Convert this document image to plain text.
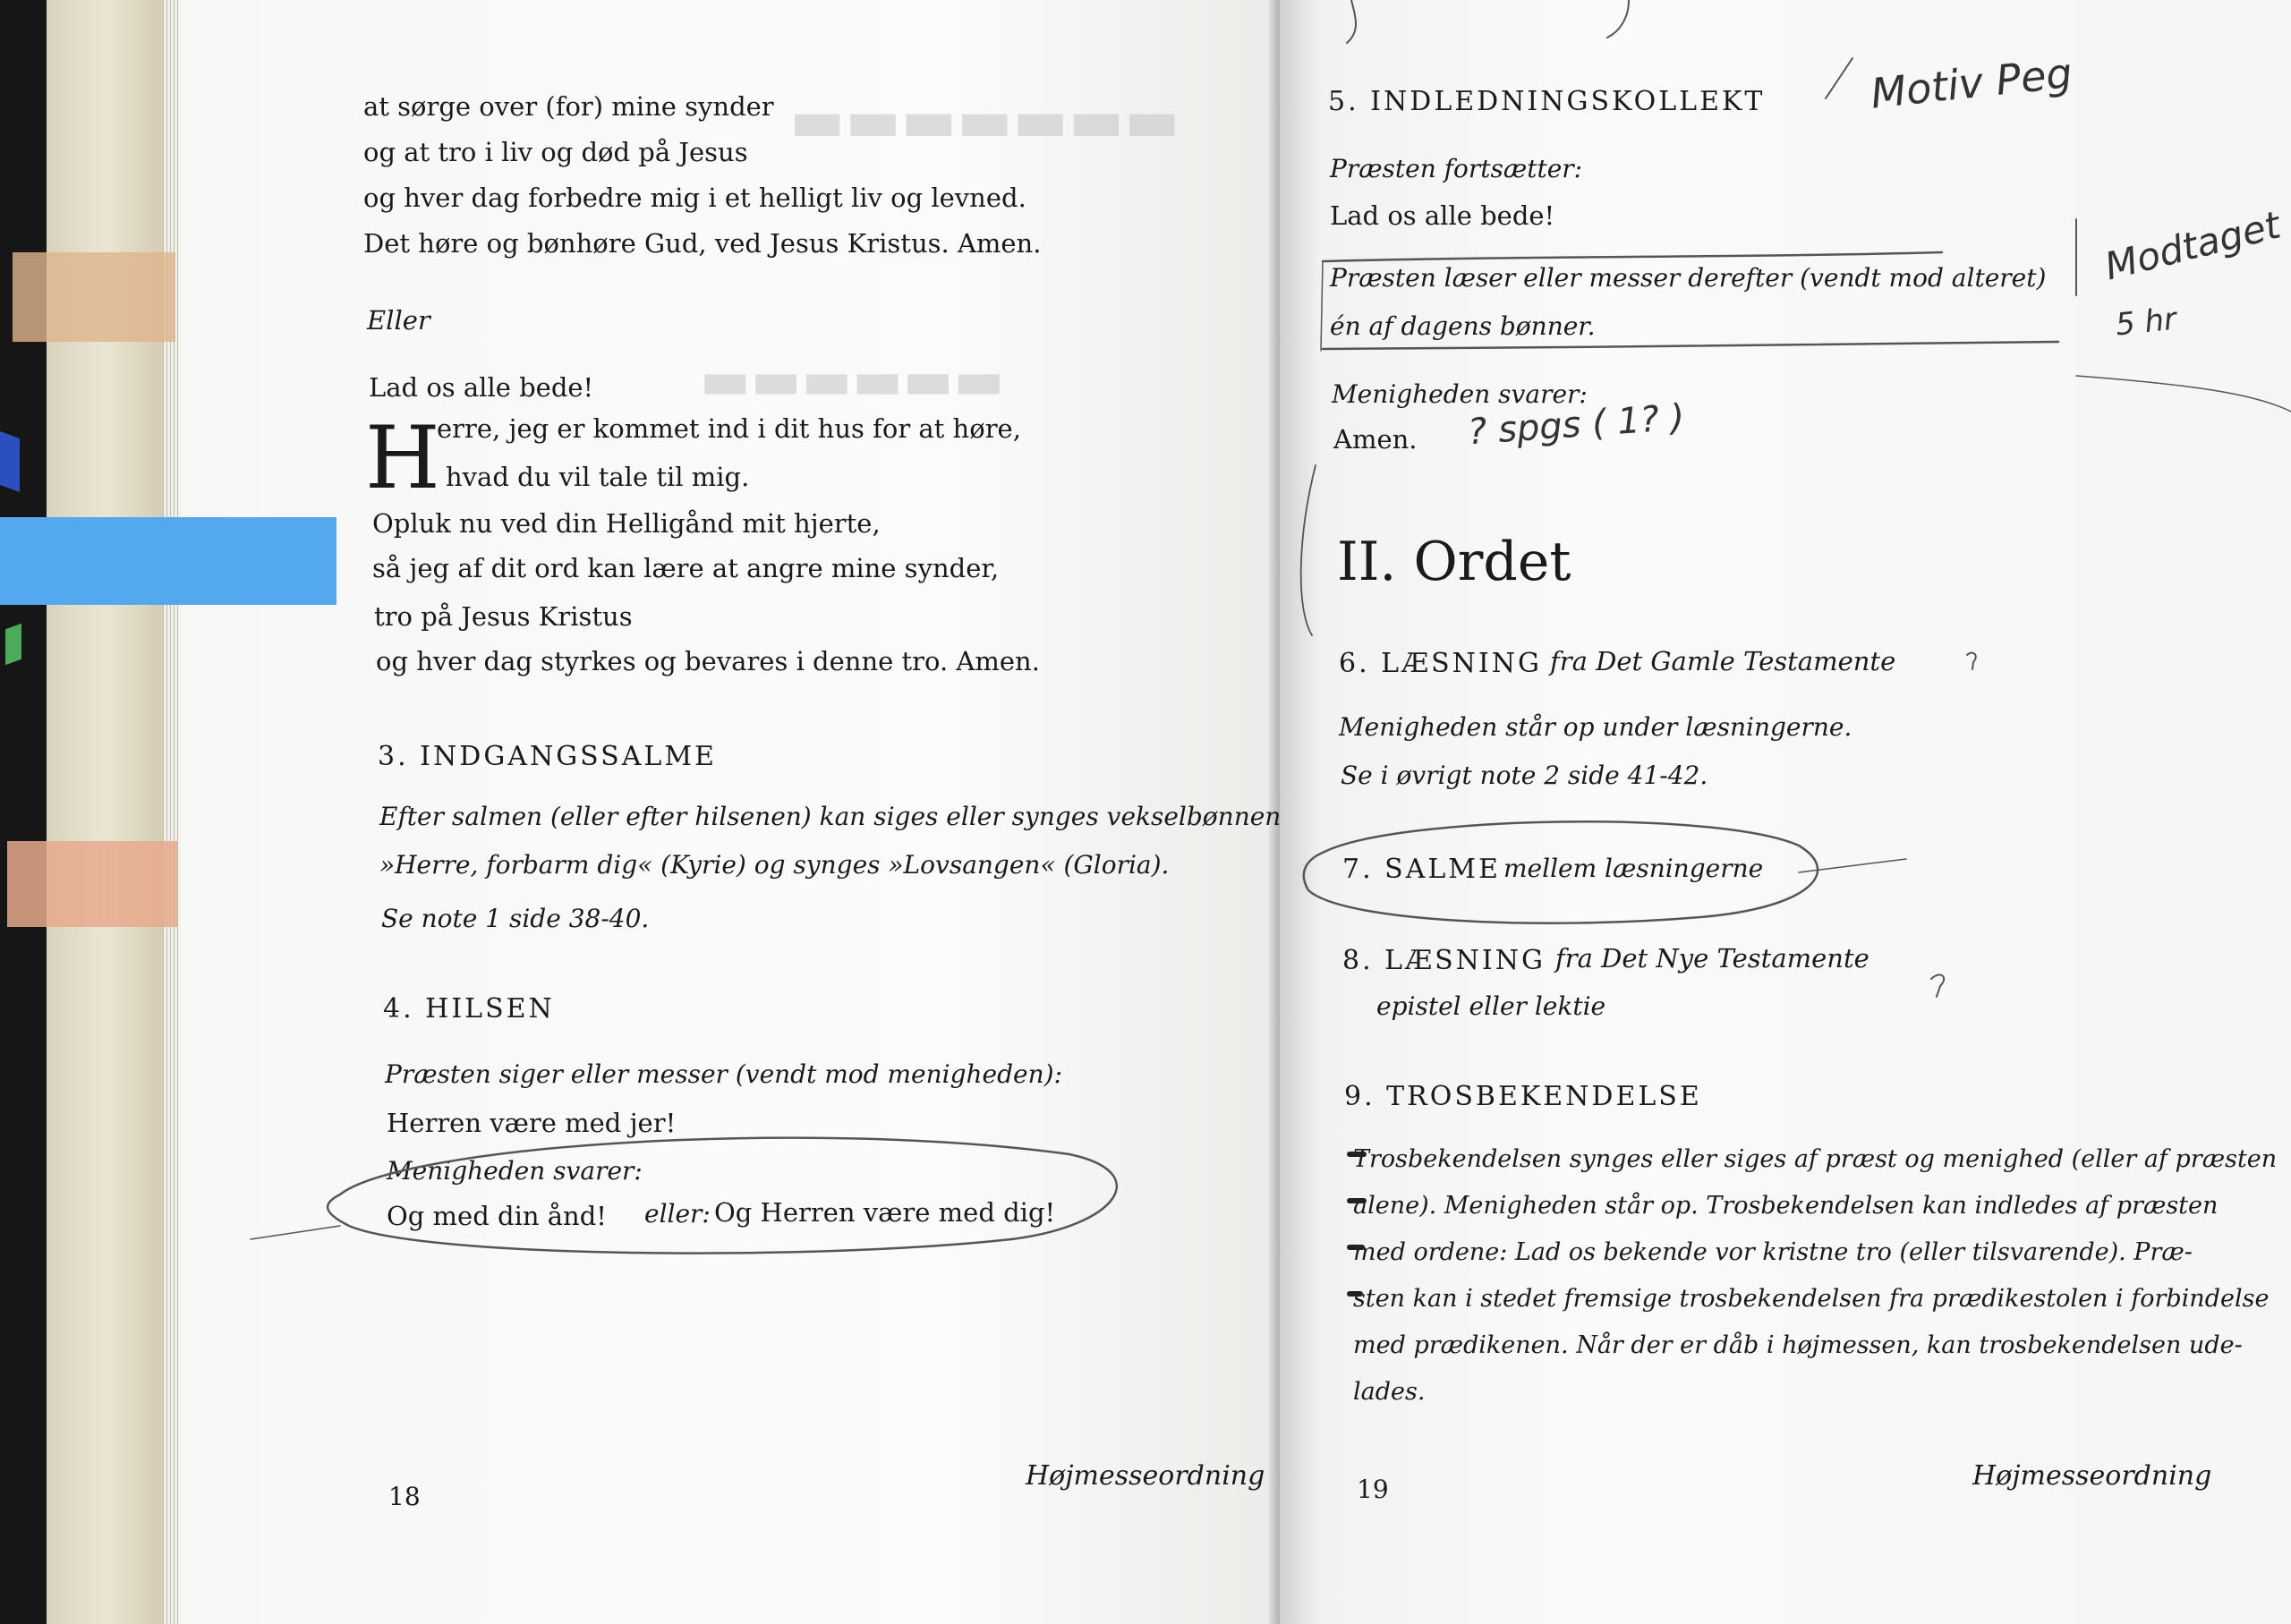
▬▬▬▬▬▬▬
▬▬▬▬▬▬
at sørge over (for) mine synder
og at tro i liv og død på Jesus
og hver dag forbedre mig i et helligt liv og levned.
Det høre og bønhøre Gud, ved Jesus Kristus. Amen.
Eller
Lad os alle bede!
H
erre, jeg er kommet ind i dit hus for at høre,
hvad du vil tale til mig.
Opluk nu ved din Helligånd mit hjerte,
så jeg af dit ord kan lære at angre mine synder,
tro på Jesus Kristus
og hver dag styrkes og bevares i denne tro. Amen.
3. INDGANGSSALME
Efter salmen (eller efter hilsenen) kan siges eller synges vekselbønnen
»Herre, forbarm dig« (Kyrie) og synges »Lovsangen« (Gloria).
Se note 1 side 38-40.
4. HILSEN
Præsten siger eller messer (vendt mod menigheden):
Herren være med jer!
Menigheden svarer:
Og med din ånd! eller: Og Herren være med dig!
18
Højmesseordning
5. INDLEDNINGSKOLLEKT
Præsten fortsætter:
Lad os alle bede!
Præsten læser eller messer derefter (vendt mod alteret)
én af dagens bønner.
Menigheden svarer:
Amen.
II. Ordet
6. LÆSNING fra Det Gamle Testamente
Menigheden står op under læsningerne.
Se i øvrigt note 2 side 41-42.
7. SALME mellem læsningerne
8. LÆSNING fra Det Nye Testamente
epistel eller lektie
9. TROSBEKENDELSE
Trosbekendelsen synges eller siges af præst og menighed (eller af præsten
alene). Menigheden står op. Trosbekendelsen kan indledes af præsten
med ordene: Lad os bekende vor kristne tro (eller tilsvarende). Præ-
sten kan i stedet fremsige trosbekendelsen fra prædikestolen i forbindelse
med prædikenen. Når der er dåb i højmessen, kan trosbekendelsen ude-
lades.
19	Højmesseordning
Motiv Peg
Modtaget
5 hr
? spgs ( 1? )
